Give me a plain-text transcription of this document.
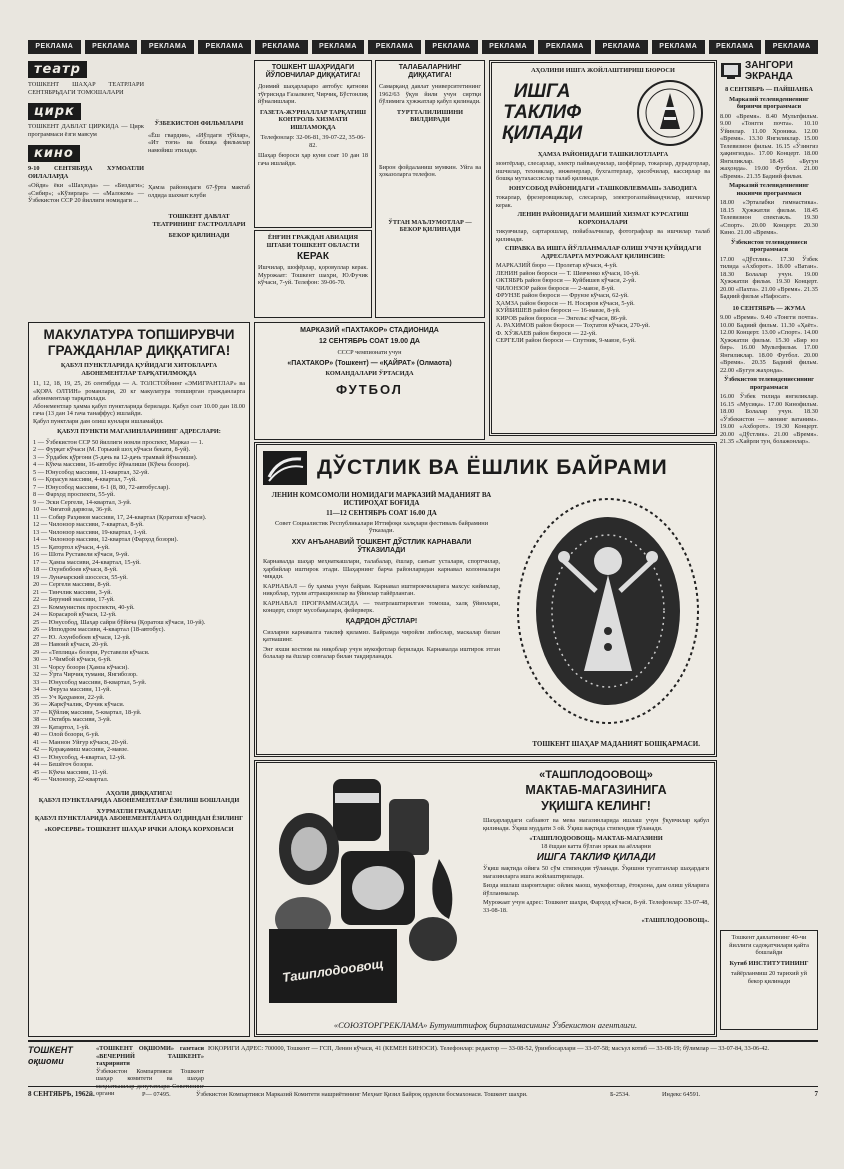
РЕКЛАМА	РЕКЛАМА	РЕКЛАМА	РЕКЛАМА	РЕКЛАМА	РЕКЛАМА	РЕКЛАМА	РЕКЛАМА	РЕКЛАМА	РЕКЛАМА	РЕКЛАМА	РЕКЛАМА	РЕКЛАМА	РЕКЛАМА
театр
ТОШКЕНТ ШАҲАР ТЕАТРЛАРИ СЕНТЯБРЬДАГИ ТОМОШАЛАРИ
цирк
ТОШКЕНТ ДАВЛАТ ЦИРКИДА — Цирк программаси ёзги мавсум
кино
9-10 СЕНТЯБРДА ХУМОАТЛИ ОИЛАЛАРДА
«Ойди» ёки «Шаҳзода» — «Биздаги»; «Сибир»; «Кўзирлар» — «Малоком» — Ўзбекистон ССР 20 йиллиги номидаги ...
ЎЗБЕКИСТОН ФИЛЬМЛАРИ
«Ёш гвардия», «Иўлдаги тўйлар», «Ит тоғи» ва бошқа фильмлар намойиш этилади.
Ҳамза районидаги 67-ўрта мактаб олдида шахмат клуби
ТОШКЕНТ ДАВЛАТ ТЕАТРИНИНГ ГАСТРОЛЛАРИ
БЕКОР ҚИЛИНАДИ
ТОШКЕНТ ШАҲРИДАГИ ЙЎЛОВЧИЛАР ДИҚҚАТИГА!
Доимий шаҳарлараро автобус қатнови тўғрисида Ғазалкент, Чирчиқ, Бўстонлиқ йўналишлари.
ГАЗЕТА-ЖУРНАЛЛАР ТАРҚАТИШ КОНТРОЛЬ ХИЗМАТИ ИШЛАМОҚДА
Телефонлар: 32-06-81, 39-07-22, 35-06-82.
Шаҳар бюроси ҳар куни соат 10 дан 18 гача ишлайди.
ЁНҒИН ГРАЖДАН АВИАЦИЯ ШТАБИ ТОШКЕНТ ОБЛАСТИ
КЕРАК
Ишчилар, шофёрлар, қоровуллар керак. Мурожаат: Тошкент шаҳри, Ю.Фучик кўчаси, 7-уй. Телефон: 39-06-70.
ТАЛАБАЛАРНИНГ ДИҚҚАТИГА!
Самарқанд давлат университетининг 1962/63 ўқув йили учун сиртқи бўлимига ҳужжатлар қабул қилинади.
ТУРТТАЛИЛИШИНИ ВИЛДИРАДИ
Бирон фойдаланиш мумкин. Уйга ва ҳоказоларга телефон.
ЎТГАН МАЪЛУМОТЛАР — БЕКОР ҚИЛИНАДИ
АҲОЛИНИ ИШГА ЖОЙЛАШТИРИШ БЮРОСИ
ИШГА
ТАКЛИФ
ҚИЛАДИ
ҲАМЗА РАЙОНИДАГИ ТАШКИЛОТЛАРГА
монтёрлар, слесарлар, электр пайвандчилар, шофёрлар, токарлар, дурадгорлар, ишчилар, техниклар, инженерлар, бухгалтерлар, ҳисобчилар, кассирлар ва бошқа мутахассислар талаб қилинади.
ЮНУСОБОД РАЙОНИДАГИ «ТАШКОВЛЕВМАШ» ЗАВОДИГА
токарлар, фрезеровщиклар, слесарлар, электрогазпайвандчилар, ишчилар керак.
ЛЕНИН РАЙОНИДАГИ МАИШИЙ ХИЗМАТ КУРСАТИШ КОРХОНАЛАРИ
тикувчилар, сартарошлар, пойабзалчилар, фотографлар ва ишчилар талаб қилинади.
СПРАВКА ВА ИШГА ЙЎЛЛАНМАЛАР ОЛИШ УЧУН ҚУЙИДАГИ АДРЕСЛАРГА МУРОЖААТ ҚИЛИНСИН:
МАРКАЗИЙ бюро — Пролетар кўчаси, 4-уй.
ЛЕНИН район бюроси — Т. Шевченко кўчаси, 10-уй.
ОКТЯБРЬ район бюроси — Куйбишев кўчаси, 2-уй.
ЧИЛОНЗОР район бюроси — 2-мавзе, 8-уй.
ФРУНЗЕ район бюроси — Фрунзе кўчаси, 62-уй.
ҲАМЗА район бюроси — Н. Носиров кўчаси, 5-уй.
КУЙБИШЕВ район бюроси — 16-мавзе, 8-уй.
КИРОВ район бюроси — Энгельс кўчаси, 86-уй.
А. РАХИМОВ район бюроси — Тоҳтатов кўчаси, 270-уй.
Ф. ХЎЖАЕВ район бюроси — 22-уй.
СЕРГЕЛИ район бюроси — Спутник, 9-мавзе, 6-уй.
ЗАНГОРИ
ЭКРАНДА
8 СЕНТЯБРЬ — ПАЙШАНБА
Марказий телевидениенинг биринчи программаси
8.00 «Время». 8.40 Мультфильм. 9.00 «Тонгги почта». 10.10 Ўйинлар. 11.00 Хроника. 12.00 «Время». 13.30 Янгиликлар. 15.00 Телевизион фильм. 16.15 «Ўзингиз ҳақингизда». 17.00 Концерт. 18.00 Янгиликлар. 18.45 «Бугун жаҳонда». 19.00 Футбол. 21.00 «Время». 21.35 Бадиий фильм.
Марказий телевидениенинг иккинчи программаси
18.00 «Эрталабки гимнастика». 18.15 Ҳужжатли фильм. 18.45 Телевизион спектакль. 19.30 «Спорт». 20.00 Концерт. 20.30 Кино. 21.00 «Время».
Ўзбекистон телевидениеси программаси
17.00 «Дўстлик». 17.30 Ўзбек тилида «Ахборот». 18.00 «Ватан». 18.30 Болалар учун. 19.00 Ҳужжатли фильм. 19.30 Концерт. 20.00 «Пахта». 21.00 «Время». 21.35 Бадиий фильм «Нафосат».
10 СЕНТЯБРЬ — ЖУМА
9.00 «Время». 9.40 «Тонгги почта». 10.00 Бадиий фильм. 11.30 «Ҳаёт». 12.00 Концерт. 13.00 «Спорт». 14.00 Ҳужжатли фильм. 15.30 «Бир юз бир». 16.00 Мультфильм. 17.00 Янгиликлар. 18.00 Футбол. 20.00 «Время». 20.35 Бадиий фильм. 22.00 «Бугун жаҳонда».
Ўзбекистон телевидениесининг программаси
16.00 Ўзбек тилида янгиликлар. 16.15 «Мусиқа». 17.00 Кинофильм. 18.00 Болалар учун. 18.30 «Ўзбекистон — менинг ватаним». 19.00 «Ахборот». 19.30 Концерт. 20.00 «Дўстлик». 21.00 «Время». 21.35 «Хайрли тун, болажонлар».
Тошкент давлатининг 40-чи йиллиги садоқатчилари қайта бошлайди
Кутиб ИНСТИТУТИНИНГ
тайёрланмиш 20 тарихий уй бекор қилинади
МАКУЛАТУРА ТОПШИРУВЧИ
ГРАЖДАНЛАР ДИҚҚАТИГА!
ҚАБУЛ ПУНКТЛАРИДА ҚУЙИДАГИ ХИТОБЛАРГА АБОНЕМЕНТЛАР ТАРҚАТИЛМОҚДА
11, 12, 18, 19, 25, 26 сентябрда — А. ТОЛСТОЙнинг «ЭМИГРАНТЛАР» ва «ҚОРА ОЛТИН» романлари, 20 кг макулатура топширган гражданларга абонементлар тарқатилади.
Абонементлар ҳамма қабул пунктларида берилади. Қабул соат 10.00 дан 18.00 гача (13 дан 14 гача танаффус) ишлайди.
Қабул пунктлари дам олиш кунлари ишламайди.
ҚАБУЛ ПУНКТИ МАГАЗИНЛАРИНИНГ АДРЕСЛАРИ:
1 — Ўзбекистон ССР 50 йиллиги номли проспект, Марказ — 1.
2 — Фурқат кўчаси (М. Горький шоҳ кўчаси бекати, 8-уй).
3 — Ўрдабек қўрғони (5-дачь ва 12-дачь трамвай йўналиши).
4 — Кўкча массиви, 16-автобус йўналиши (Кўкча бозори).
5 — Юнусобод массиви, 11-квартал, 32-уй.
6 — Қорасув массиви, 4-квартал, 7-уй.
7 — Юнусобод массиви, 6-1 (8, 80, 72-автобуслар).
8 — Фарҳод проспекти, 55-уй.
9 — Эски Сергели, 14-квартал, 3-уй.
10 — Чиғатой дарвоза, 36-уй.
11 — Собир Раҳимов массиви, 17, 24-квартал (Қоратош кўчаси).
12 — Чилонзор массиви, 7-квартал, 8-уй.
13 — Чилонзор массиви, 19-квартал, 1-уй.
14 — Чилонзор массиви, 12-квартал (Фарҳод бозори).
15 — Қатортол кўчаси, 4-уй.
16 — Шота Руставели кўчаси, 9-уй.
17 — Ҳамза массиви, 24-квартал, 15-уй.
18 — Охунбобоев кўчаси, 8-уй.
19 — Луначарский шоссеси, 55-уй.
20 — Сергели массиви, 8-уй.
21 — Тинчлик массиви, 3-уй.
22 — Беруний массиви, 17-уй.
23 — Коммунистик проспекти, 40-уй.
24 — Корасарой кўчаси, 12-уй.
25 — Юнусобод, Шаҳар сайри бўйича (Қоратош кўчаси, 10-уй).
26 — Ипподром массиви, 4-квартал (18-автобус).
27 — Ю. Ахунбобоев кўчаси, 12-уй.
28 — Навоий кўчаси, 20-уй.
29 — «Теплица» бозори, Руставели кўчаси.
30 — 1-Чимбой кўчаси, 6-уй.
31 — Чорсу бозори (Ҳамза кўчаси).
32 — Ўрта Чирчиқ тумани, Янгибозор.
33 — Юнусобод массиви, 8-квартал, 5-уй.
34 — Феруза массиви, 11-уй.
35 — Уч Қаҳрамон, 22-уй.
36 — Жаркўчалик, Фучик кўчаси.
37 — Қўйлиқ массиви, 5-квартал, 18-уй.
38 — Октябрь массиви, 3-уй.
39 — Қатартол, 1-уй.
40 — Олой бозори, 6-уй.
41 — Маннон Уйғур кўчаси, 20-уй.
42 — Қорақамиш массиви, 2-мавзе.
43 — Юнусобод, 4-квартал, 12-уй.
44 — Бешёғоч бозори.
45 — Кўкча массиви, 11-уй.
46 — Чилонзор, 22-квартал.
АҲОЛИ ДИҚҚАТИГА!
ҚАБУЛ ПУНКТЛАРИДА АБОНЕМЕНТЛАР ЁЗИЛИШ БОШЛАНДИ
ХУРМАТЛИ ГРАЖДАНЛАР!
ҚАБУЛ ПУНКТЛАРИДА АБОНЕМЕНТЛАРГА ОЛДИНДАН ЁЗИЛИНГ
«КОРСЕРВЕ» ТОШКЕНТ ШАҲАР ИЧКИ АЛОҚА КОРХОНАСИ
МАРКАЗИЙ «ПАХТАКОР» СТАДИОНИДА
12 СЕНТЯБРЬ СОАТ 19.00 ДА
СССР чемпионати учун
«ПАХТАКОР» (Тошкент) — «ҚАЙРАТ» (Олмаота)
КОМАНДАЛАРИ ЎРТАСИДА
ФУТБОЛ
ДЎСТЛИК ВА ЁШЛИК БАЙРАМИ
ЛЕНИН КОМСОМОЛИ НОМИДАГИ МАРКАЗИЙ МАДАНИЯТ ВА ИСТИРОҲАТ БОҒИДА
11—12 СЕНТЯБРЬ СОАТ 16.00 ДА
Совет Социалистик Республикалари Иттифоқи халқлари фестиваль байрамини ўтказади.
XXV АНЪАНАВИЙ ТОШКЕНТ ДЎСТЛИК КАРНАВАЛИ
ЎТКАЗИЛАДИ
Карнавалда шаҳар меҳнаткашлари, талабалар, ёшлар, санъат усталари, спортчилар, ҳарбийлар иштирок этади. Шаҳарнинг барча районларидан карнавал колонналари чиқади.
КАРНАВАЛ — бу ҳамма учун байрам. Карнавал иштирокчиларига махсус кийимлар, ниқоблар, турли аттракционлар ва ўйинлар тайёрланган.
КАРНАВАЛ ПРОГРАММАСИДА — театрлаштирилган томоша, халқ ўйинлари, концерт, спорт мусобақалари, фейерверк.
ҚАДРДОН ДЎСТЛАР!
Сизларни карнавалга таклиф қиламиз. Байрамда чиройли либослар, маскалар билан қатнашинг.
Энг яхши костюм ва ниқоблар учун мукофотлар берилади. Карнавалда иштирок этган болалар ва ёшлар совғалар билан тақдирланади.
ТОШКЕНТ ШАҲАР МАДАНИЯТ БОШҚАРМАСИ.
Ташплодоовощ
«ТАШПЛОДООВОЩ»
МАКТАБ-МАГАЗИНИГА
УҚИШГА КЕЛИНГ!
Шаҳарлардаги сабзавот ва мева магазинларида ишлаш учун ўқувчилар қабул қилинади. Ўқиш муддати 3 ой. Ўқиш вақтида стипендия тўланади.
«ТАШПЛОДООВОЩ» МАКТАБ-МАГАЗИНИ
18 ёшдан катта бўлган эркак ва аёлларни
ИШГА ТАКЛИФ ҚИЛАДИ
Ўқиш вақтида ойига 50 сўм стипендия тўланади. Ўқишни тугатганлар шаҳардаги магазинларга ишга жойлаштирилади.
Бизда ишлаш шароитлари: ойлик маош, мукофотлар, ётоқхона, дам олиш уйларига йўлланмалар.
Мурожаат учун адрес: Тошкент шаҳри, Фарҳод кўчаси, 8-уй. Телефонлар: 33-07-48, 33-08-18.
«ТАШПЛОДООВОЩ».
«СОЮЗТОРГРЕКЛАМА» Бутуниттифоқ бирлашмасининг Ўзбекистон агентлиги.
ТОШКЕНТ оқшоми
«ТОШКЕНТ ОҚШОМИ» газетаси «ВЕЧЕРНИЙ ТАШКЕНТ» таҳририяти
Ўзбекистон Компартияси Тошкент шаҳар комитети ва шаҳар органи
ЮҚОРИГИ АДРЕС: 700000, Тошкент — ГСП, Ленин кўчаси, 41 (КЕМЕН БИНОСИ). Телефонлар: редактор — 33-08-52, ўринбосарлари — 33-07-58; масъул котиб — 33-08-19; бўлимлар — 33-07-84, 33-06-42.
8 СЕНТЯБРЬ, 1962й.	Р— 07495.	Ўзбекистон Компартияси Марказий Комитети нашриётининг Меҳнат Қизил Байроқ орденли босмахонаси. Тошкент шаҳри.	Б-2534.	Индекс 64591.	7
